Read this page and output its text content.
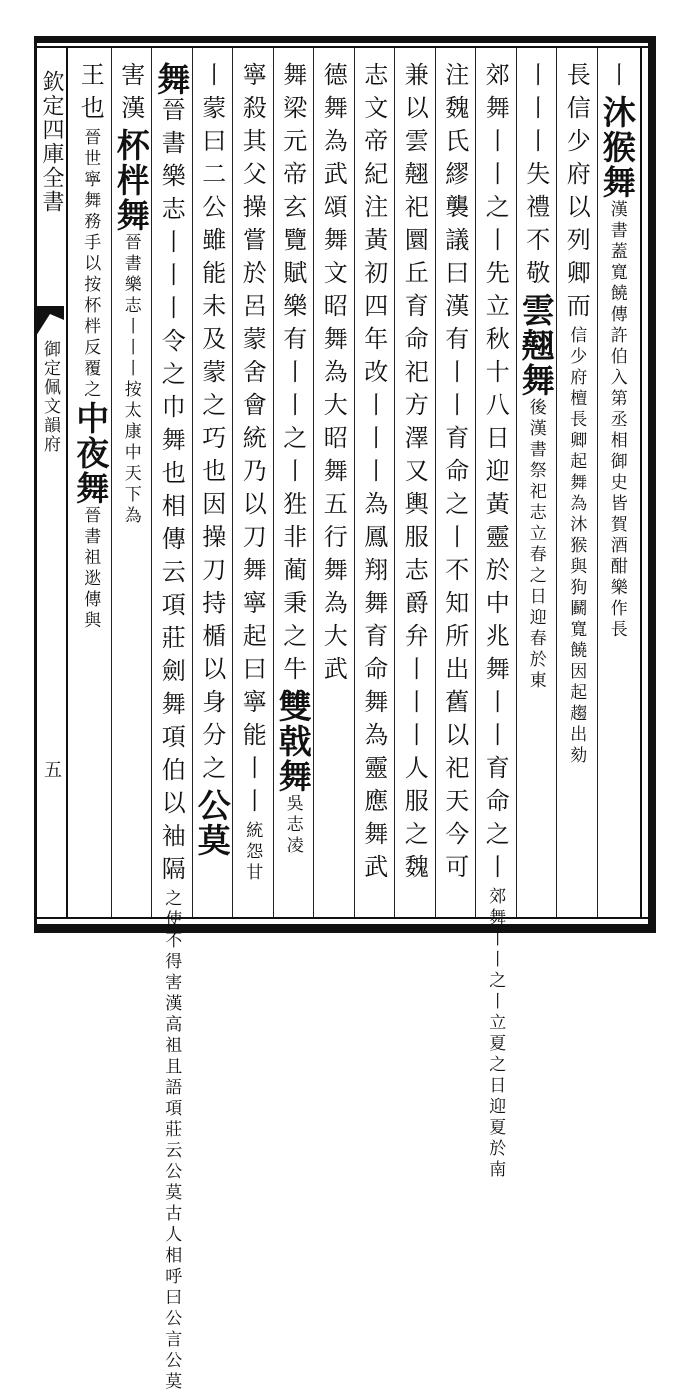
欽定四庫全書
御定佩文韻府
五
丨沐猴舞漢書蓋寬饒傳許伯入第丞相御史皆賀酒酣樂作長
長信少府以列卿而信少府檀長卿起舞為沐猴與狗鬬寬饒因起趨出劾
丨丨丨失禮不敬雲翹舞後漢書祭祀志立春之日迎春於東
郊舞丨丨之丨先立秋十八日迎黃靈於中兆舞丨丨育命之丨郊舞丨丨之丨立夏之日迎夏於南
注魏氏繆襲議曰漢有丨丨育命之丨不知所出舊以祀天今可
兼以雲翹祀圜丘育命祀方澤又輿服志爵弁丨丨丨人服之魏
志文帝紀注黃初四年改丨丨丨為鳳翔舞育命舞為靈應舞武
德舞為武頌舞文昭舞為大昭舞五行舞為大武
舞梁元帝玄覽賦樂有丨丨之丨狌非蔺秉之牛雙戟舞吳志凌
寧殺其父操嘗於呂蒙舍會統乃以刀舞寧起曰寧能丨丨統怨甘
丨蒙曰二公雖能未及蒙之巧也因操刀持楯以身分之公莫
舞晉書樂志丨丨丨令之巾舞也相傳云項莊劍舞項伯以袖隔之使不得害漢高祖且語項莊云公莫古人相呼曰公言公莫
害漢杯柈舞晉書樂志丨丨丨按太康中天下為
王也晉世寧舞務手以按杯柈反覆之中夜舞晉書祖逖傳與
